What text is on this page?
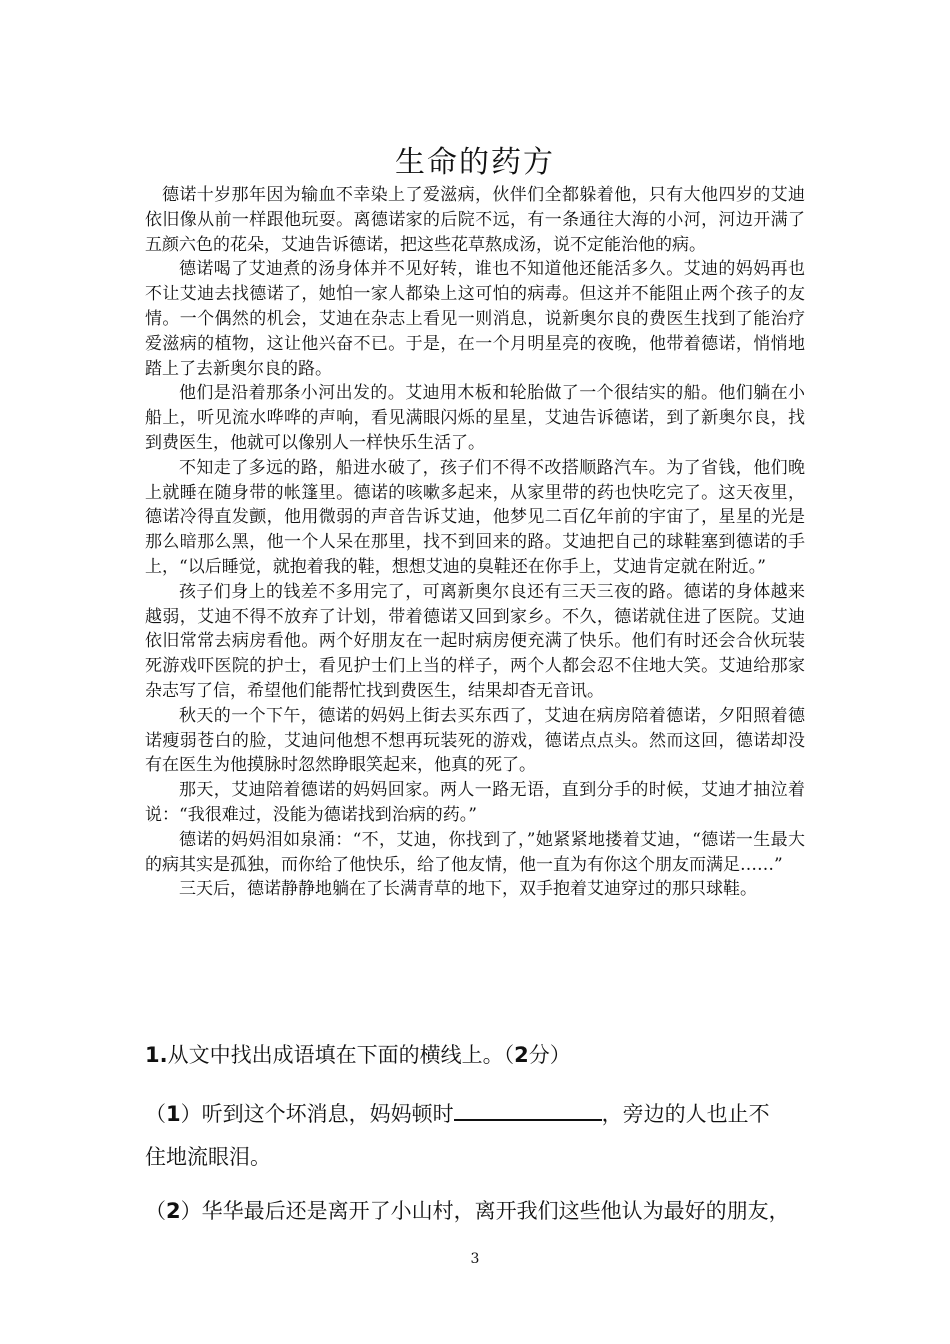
生命的药方

德诺十岁那年因为输血不幸染上了爱滋病，伙伴们全都躲着他，只有大他四岁的艾迪依旧像从前一样跟他玩耍。离德诺家的后院不远，有一条通往大海的小河，河边开满了五颜六色的花朵，艾迪告诉德诺，把这些花草熬成汤，说不定能治他的病。

德诺喝了艾迪煮的汤身体并不见好转，谁也不知道他还能活多久。艾迪的妈妈再也不让艾迪去找德诺了，她怕一家人都染上这可怕的病毒。但这并不能阻止两个孩子的友情。一个偶然的机会，艾迪在杂志上看见一则消息，说新奥尔良的费医生找到了能治疗爱滋病的植物，这让他兴奋不已。于是，在一个月明星亮的夜晚，他带着德诺，悄悄地踏上了去新奥尔良的路。

他们是沿着那条小河出发的。艾迪用木板和轮胎做了一个很结实的船。他们躺在小船上，听见流水哗哗的声响，看见满眼闪烁的星星，艾迪告诉德诺，到了新奥尔良，找到费医生，他就可以像别人一样快乐生活了。

不知走了多远的路，船进水破了，孩子们不得不改搭顺路汽车。为了省钱，他们晚上就睡在随身带的帐篷里。德诺的咳嗽多起来，从家里带的药也快吃完了。这天夜里，德诺冷得直发颤，他用微弱的声音告诉艾迪，他梦见二百亿年前的宇宙了，星星的光是那么暗那么黑，他一个人呆在那里，找不到回来的路。艾迪把自己的球鞋塞到德诺的手上，“以后睡觉，就抱着我的鞋，想想艾迪的臭鞋还在你手上，艾迪肯定就在附近。”

孩子们身上的钱差不多用完了，可离新奥尔良还有三天三夜的路。德诺的身体越来越弱，艾迪不得不放弃了计划，带着德诺又回到家乡。不久，德诺就住进了医院。艾迪依旧常常去病房看他。两个好朋友在一起时病房便充满了快乐。他们有时还会合伙玩装死游戏吓医院的护士，看见护士们上当的样子，两个人都会忍不住地大笑。艾迪给那家杂志写了信，希望他们能帮忙找到费医生，结果却杳无音讯。

秋天的一个下午，德诺的妈妈上街去买东西了，艾迪在病房陪着德诺，夕阳照着德诺瘦弱苍白的脸，艾迪问他想不想再玩装死的游戏，德诺点点头。然而这回，德诺却没有在医生为他摸脉时忽然睁眼笑起来，他真的死了。

那天，艾迪陪着德诺的妈妈回家。两人一路无语，直到分手的时候，艾迪才抽泣着说：“我很难过，没能为德诺找到治病的药。”

德诺的妈妈泪如泉涌：“不，艾迪，你找到了，”她紧紧地搂着艾迪，“德诺一生最大的病其实是孤独，而你给了他快乐，给了他友情，他一直为有你这个朋友而满足……”

三天后，德诺静静地躺在了长满青草的地下，双手抱着艾迪穿过的那只球鞋。

1.从文中找出成语填在下面的横线上。（2分）
（1）听到这个坏消息，妈妈顿时	，旁边的人也止不
住地流眼泪。
（2）华华最后还是离开了小山村，离开我们这些他认为最好的朋友，
3
